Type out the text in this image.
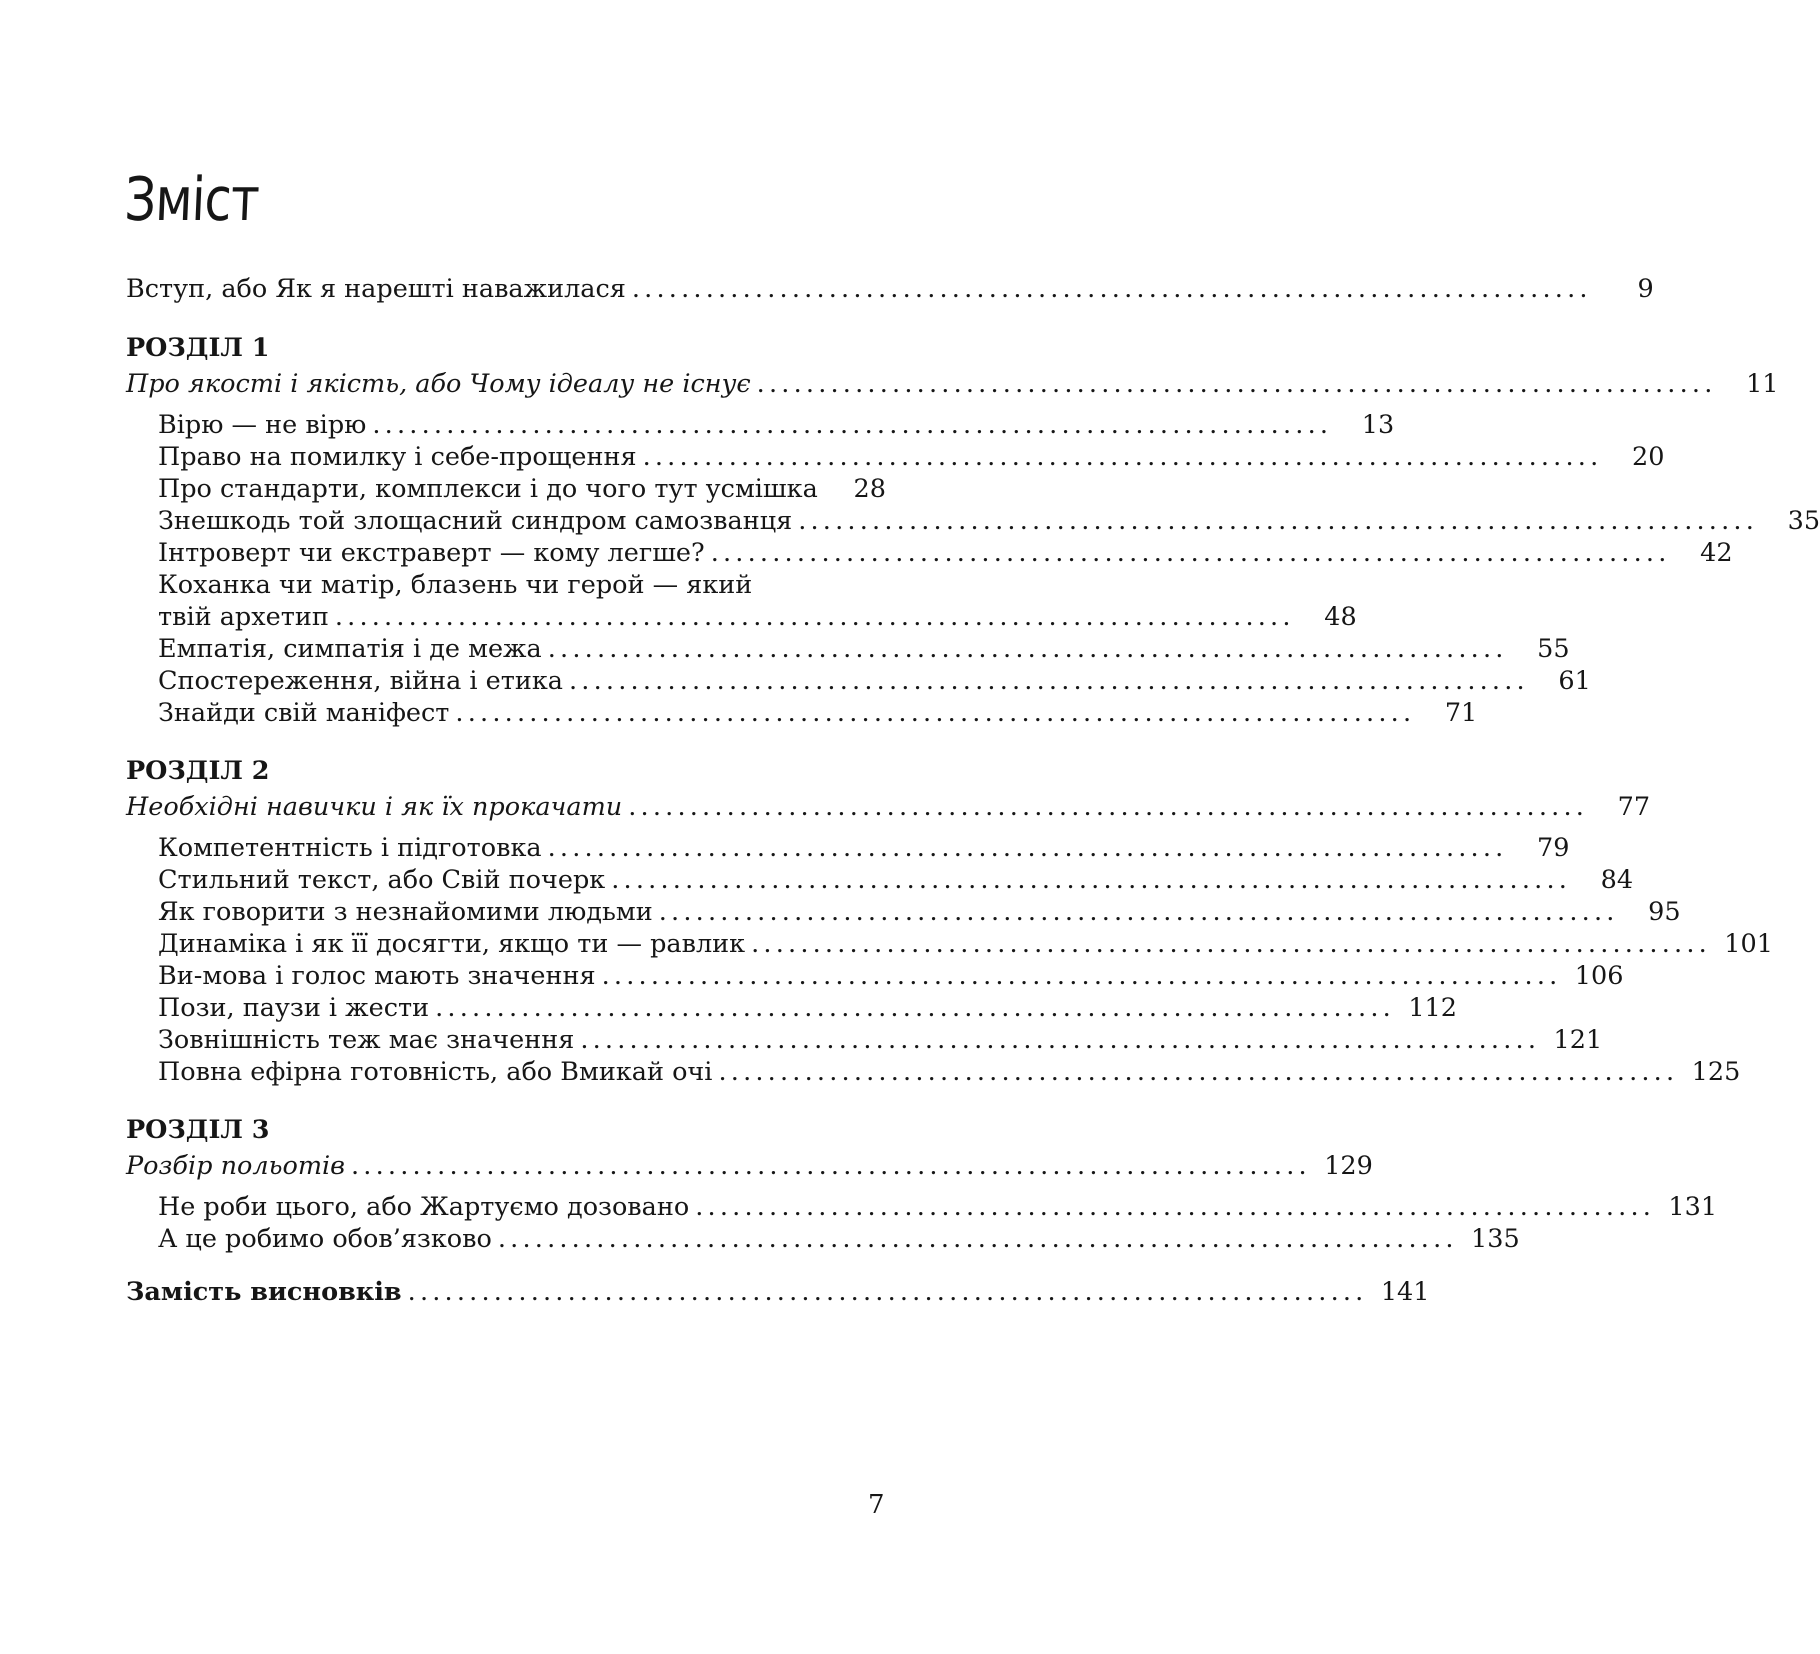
Зміст
Вступ, або Як я нарешті наважилася ..............................................................................	9
РОЗДІЛ 1
Про якості і якість, або Чому ідеалу не існує ..............................................................................	11
Вірю — не вірю ..............................................................................	13
Право на помилку і себе-прощення ..............................................................................	20
Про стандарти, комплекси і до чого тут усмішка	28
Знешкодь той злощасний синдром самозванця ..............................................................................	35
Інтроверт чи екстраверт — кому легше? ..............................................................................	42
Коханка чи матір, блазень чи герой — який
твій архетип ..............................................................................	48
Емпатія, симпатія і де межа ..............................................................................	55
Спостереження, війна і етика ..............................................................................	61
Знайди свій маніфест ..............................................................................	71
РОЗДІЛ 2
Необхідні навички і як їх прокачати ..............................................................................	77
Компетентність і підготовка ..............................................................................	79
Стильний текст, або Свій почерк ..............................................................................	84
Як говорити з незнайомими людьми ..............................................................................	95
Динаміка і як її досягти, якщо ти — равлик .............................................................................. 101
Ви-мова і голос мають значення .............................................................................. 106
Пози, паузи і жести .............................................................................. 112
Зовнішність теж має значення .............................................................................. 121
Повна ефірна готовність, або Вмикай очі .............................................................................. 125
РОЗДІЛ 3
Розбір польотів .............................................................................. 129
Не роби цього, або Жартуємо дозовано .............................................................................. 131
А це робимо обов’язково .............................................................................. 135
Замість висновків .............................................................................. 141
7
